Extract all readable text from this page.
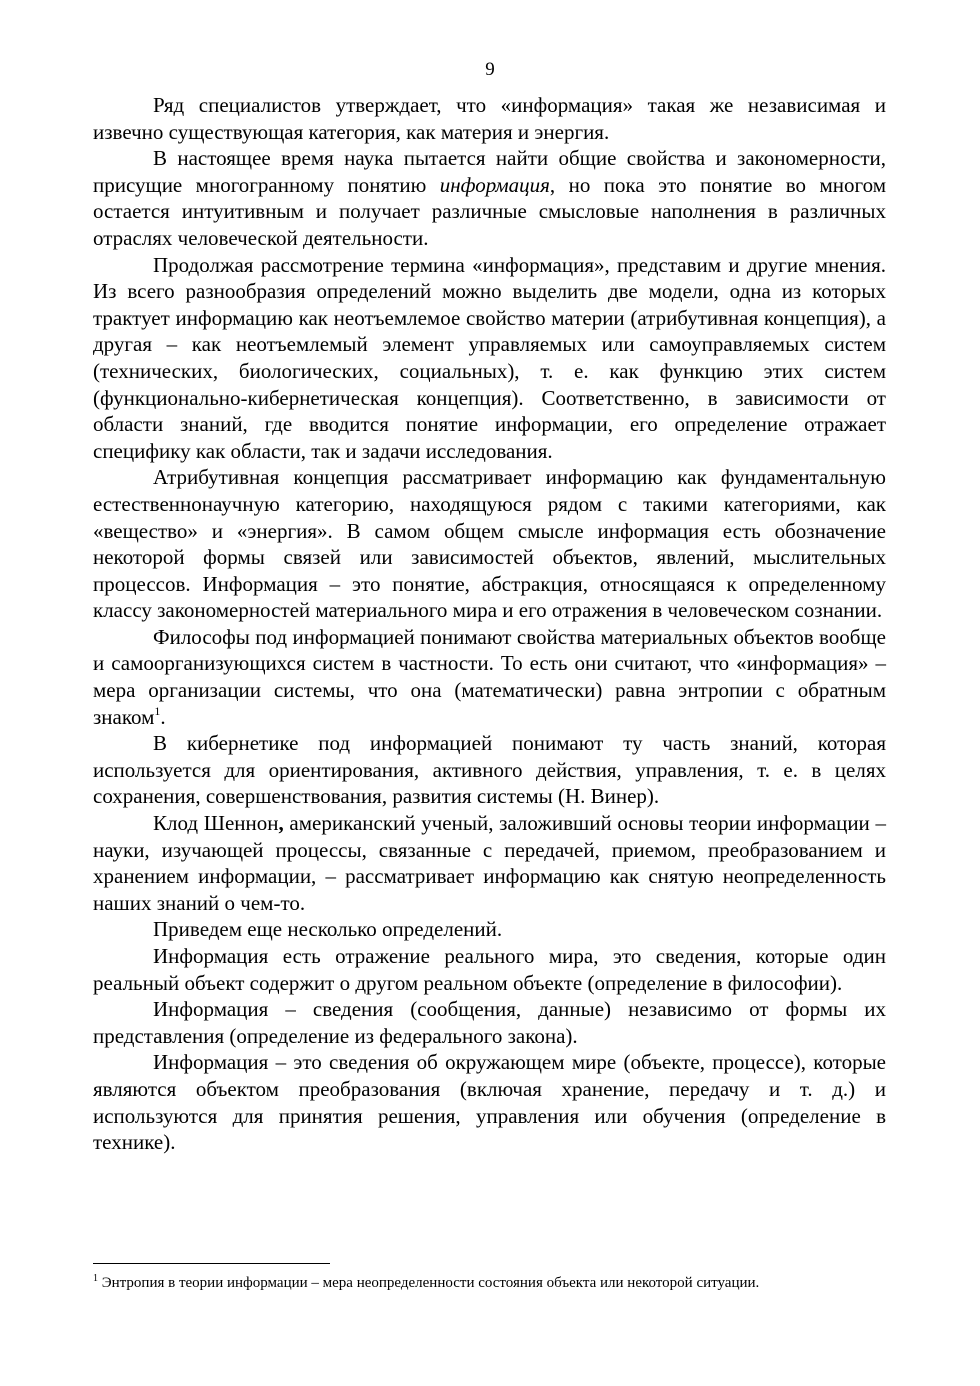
9

Ряд специалистов утверждает, что «информация» такая же независимая и извечно существующая категория, как материя и энергия.

В настоящее время наука пытается найти общие свойства и закономерности, присущие многогранному понятию информация, но пока это понятие во многом остается интуитивным и получает различные смысловые наполнения в различных отраслях человеческой деятельности.

Продолжая рассмотрение термина «информация», представим и другие мнения. Из всего разнообразия определений можно выделить две модели, одна из которых трактует информацию как неотъемлемое свойство материи (атрибутивная концепция), а другая – как неотъемлемый элемент управляемых или самоуправляемых систем (технических, биологических, социальных), т. е. как функцию этих систем (функционально-кибернетическая концепция). Соответственно, в зависимости от области знаний, где вводится понятие информации, его определение отражает специфику как области, так и задачи исследования.

Атрибутивная концепция рассматривает информацию как фундаментальную естественнонаучную категорию, находящуюся рядом с такими категориями, как «вещество» и «энергия». В самом общем смысле информация есть обозначение некоторой формы связей или зависимостей объектов, явлений, мыслительных процессов. Информация – это понятие, абстракция, относящаяся к определенному классу закономерностей материального мира и его отражения в человеческом сознании.

Философы под информацией понимают свойства материальных объектов вообще и самоорганизующихся систем в частности. То есть они считают, что «информация» – мера организации системы, что она (математически) равна энтропии с обратным знаком$^1$.

В кибернетике под информацией понимают ту часть знаний, которая используется для ориентирования, активного действия, управления, т. е. в целях сохранения, совершенствования, развития системы (Н. Винер).

Клод Шеннон, американский ученый, заложивший основы теории информации – науки, изучающей процессы, связанные с передачей, приемом, преобразованием и хранением информации, – рассматривает информацию как снятую неопределенность наших знаний о чем-то.

Приведем еще несколько определений.

Информация есть отражение реального мира, это сведения, которые один реальный объект содержит о другом реальном объекте (определение в философии).

Информация – сведения (сообщения, данные) независимо от формы их представления (определение из федерального закона).

Информация – это сведения об окружающем мире (объекте, процессе), которые являются объектом преобразования (включая хранение, передачу и т. д.) и используются для принятия решения, управления или обучения (определение в технике).

$^1$ Энтропия в теории информации – мера неопределенности состояния объекта или некоторой ситуации.
